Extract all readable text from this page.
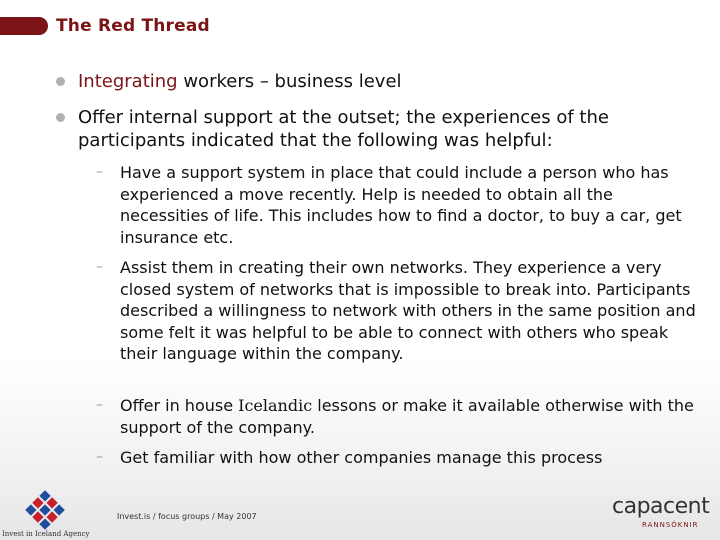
The Red Thread
Integrating workers – business level
Offer internal support at the outset; the experiences of the participants indicated that the following was helpful:
–	Have a support system in place that could include a person who has experienced a move recently. Help is needed to obtain all the necessities of life. This includes how to find a doctor, to buy a car, get insurance etc.
–	Assist them in creating their own networks. They experience a very closed system of networks that is impossible to break into. Participants described a willingness to network with others in the same position and some felt it was helpful to be able to connect with others who speak their language within the company.
–	Offer in house Icelandic lessons or make it available otherwise with the support of the company.
–	Get familiar with how other companies manage this process
Invest in Iceland Agency
Invest.is / focus groups / May 2007	capacent
RANNSÓKNIR
